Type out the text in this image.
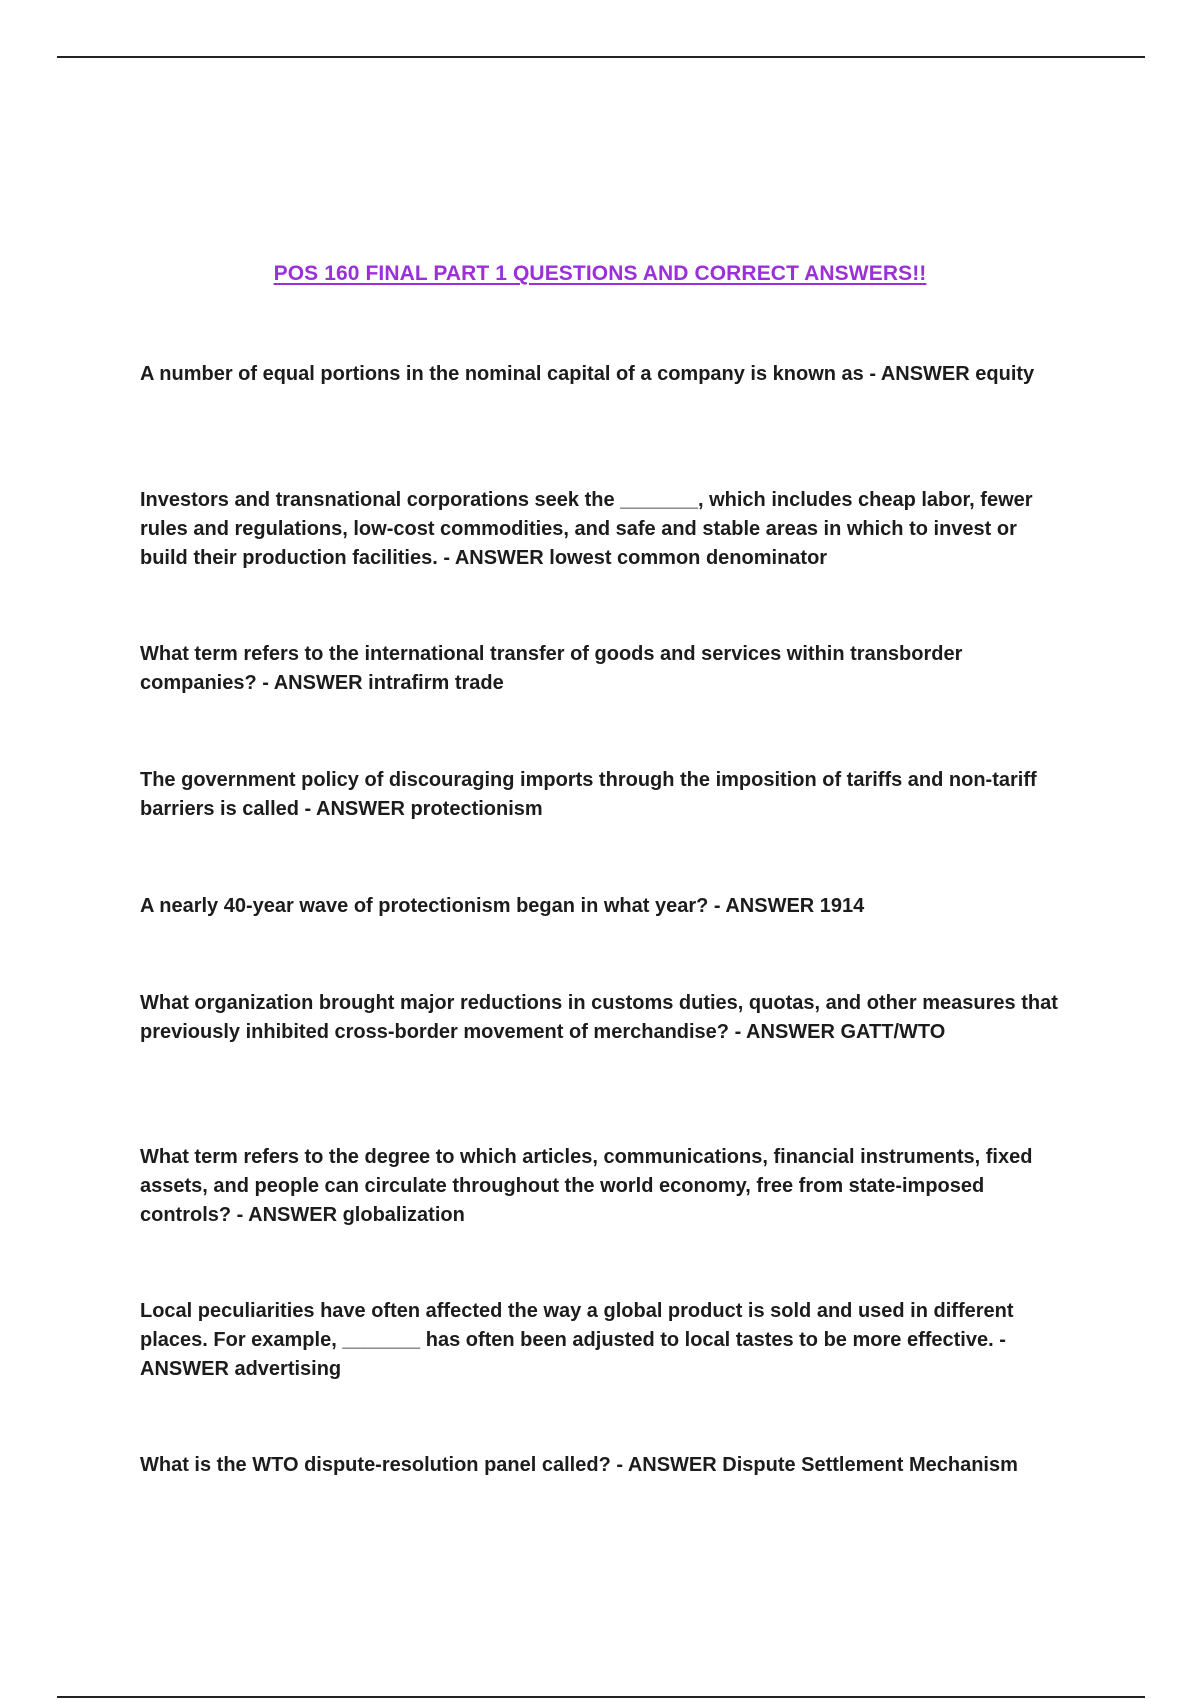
POS 160 FINAL PART 1 QUESTIONS AND CORRECT ANSWERS!!
A number of equal portions in the nominal capital of a company is known as - ANSWER equity
Investors and transnational corporations seek the _______, which includes cheap labor, fewer rules and regulations, low-cost commodities, and safe and stable areas in which to invest or build their production facilities. - ANSWER lowest common denominator
What term refers to the international transfer of goods and services within transborder companies? - ANSWER intrafirm trade
The government policy of discouraging imports through the imposition of tariffs and non-tariff barriers is called - ANSWER protectionism
A nearly 40-year wave of protectionism began in what year? - ANSWER 1914
What organization brought major reductions in customs duties, quotas, and other measures that previously inhibited cross-border movement of merchandise? - ANSWER GATT/WTO
What term refers to the degree to which articles, communications, financial instruments, fixed assets, and people can circulate throughout the world economy, free from state-imposed controls? - ANSWER globalization
Local peculiarities have often affected the way a global product is sold and used in different places. For example, _______ has often been adjusted to local tastes to be more effective. - ANSWER advertising
What is the WTO dispute-resolution panel called? - ANSWER Dispute Settlement Mechanism
